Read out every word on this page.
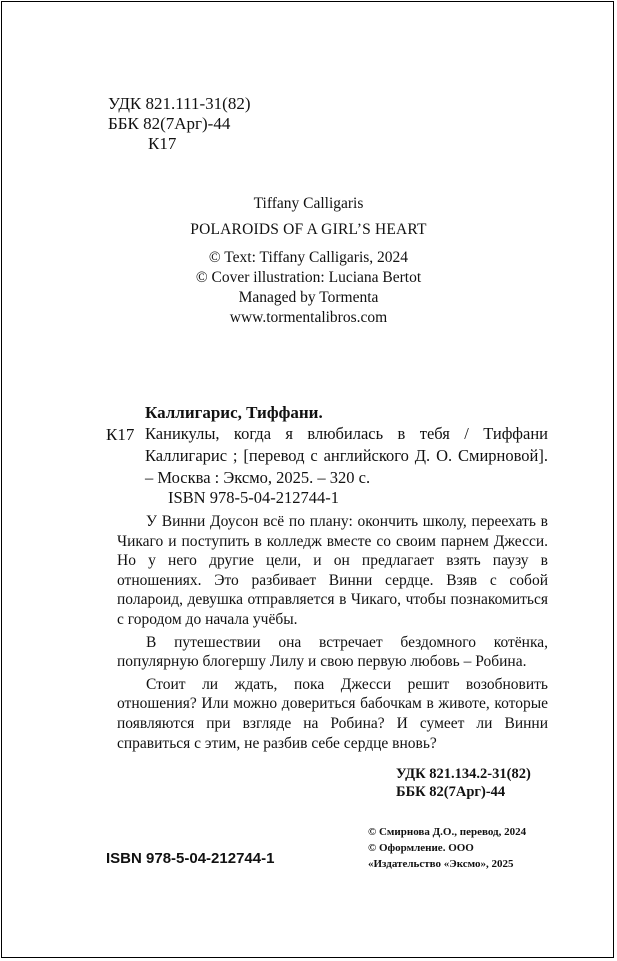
УДК 821.111-31(82)
ББК 82(7Арг)-44
К17
Tiffany Calligaris
POLAROIDS OF A GIRL’S HEART
© Text: Tiffany Calligaris, 2024
© Cover illustration: Luciana Bertot
Managed by Tormenta
www.tormentalibros.com
Каллигарис, Тиффани.
К17 Каникулы, когда я влюбилась в тебя / Тиффани Каллигарис ; [перевод с английского Д. О. Смирновой]. – Москва : Эксмо, 2025. – 320 с.
ISBN 978-5-04-212744-1

У Винни Доусон всё по плану: окончить школу, переехать в Чикаго и поступить в колледж вместе со своим парнем Джесси. Но у него другие цели, и он предлагает взять паузу в отношениях. Это разбивает Винни сердце. Взяв с собой полароид, девушка отправляется в Чикаго, чтобы познакомиться с городом до начала учёбы.

В путешествии она встречает бездомного котёнка, популярную блогершу Лилу и свою первую любовь – Робина.

Стоит ли ждать, пока Джесси решит возобновить отношения? Или можно довериться бабочкам в животе, которые появляются при взгляде на Робина? И сумеет ли Винни справиться с этим, не разбив себе сердце вновь?

УДК 821.134.2-31(82)
ББК 82(7Арг)-44
© Смирнова Д.О., перевод, 2024
© Оформление. ООО
«Издательство «Эксмо», 2025
ISBN 978-5-04-212744-1
